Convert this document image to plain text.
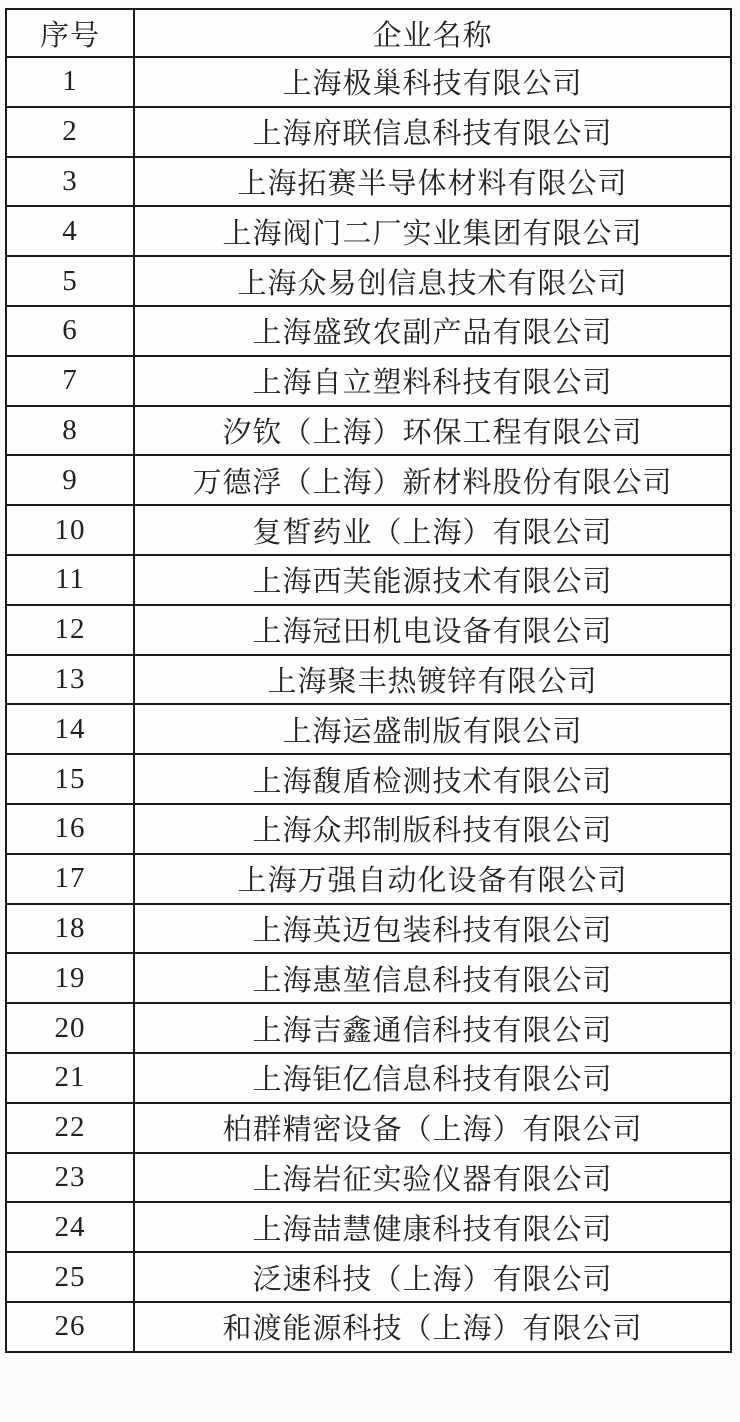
序号	企业名称
1	上海极巢科技有限公司
2	上海府联信息科技有限公司
3	上海拓赛半导体材料有限公司
4	上海阀门二厂实业集团有限公司
5	上海众易创信息技术有限公司
6	上海盛致农副产品有限公司
7	上海自立塑料科技有限公司
8	汐钦（上海）环保工程有限公司
9	万德浮（上海）新材料股份有限公司
10	复皙药业（上海）有限公司
11	上海西芙能源技术有限公司
12	上海冠田机电设备有限公司
13	上海聚丰热镀锌有限公司
14	上海运盛制版有限公司
15	上海馥盾检测技术有限公司
16	上海众邦制版科技有限公司
17	上海万强自动化设备有限公司
18	上海英迈包装科技有限公司
19	上海惠堃信息科技有限公司
20	上海吉鑫通信科技有限公司
21	上海钜亿信息科技有限公司
22	柏群精密设备（上海）有限公司
23	上海岩征实验仪器有限公司
24	上海喆慧健康科技有限公司
25	泛速科技（上海）有限公司
26	和渡能源科技（上海）有限公司
